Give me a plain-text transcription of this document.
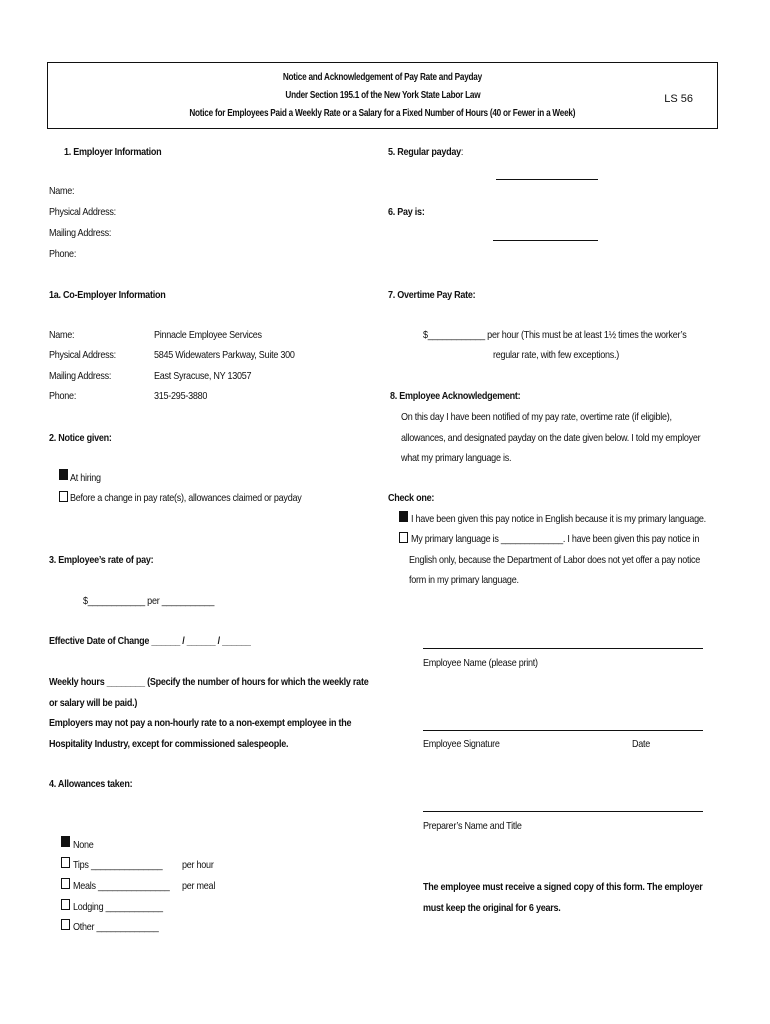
Notice and Acknowledgement of Pay Rate and Payday
Under Section 195.1 of the New York State Labor Law
Notice for Employees Paid a Weekly Rate or a Salary for a Fixed Number of Hours (40 or Fewer in a Week)
LS 56
1. Employer Information
Name:
Physical Address:
Mailing Address:
Phone:
1a. Co-Employer Information
Name:
Physical Address:
Mailing Address:
Phone:
Pinnacle Employee Services
5845 Widewaters Parkway, Suite 300
East Syracuse, NY 13057
315-295-3880
2. Notice given:
At hiring
Before a change in pay rate(s), allowances claimed or payday
3. Employee’s rate of pay:
$____________ per ___________
Effective Date of Change ______ / ______ / ______
Weekly hours ________ (Specify the number of hours for which the weekly rate
or salary will be paid.)
Employers may not pay a non-hourly rate to a non-exempt employee in the
Hospitality Industry, except for commissioned salespeople.
4. Allowances taken:
None
Tips _______________ per hour
Meals _______________ per meal
Lodging ____________
Other _____________
5. Regular payday:
6. Pay is:
7. Overtime Pay Rate:
$____________ per hour (This must be at least 1½ times the worker’s
regular rate, with few exceptions.)
8. Employee Acknowledgement:
On this day I have been notified of my pay rate, overtime rate (if eligible),
allowances, and designated payday on the date given below. I told my employer
what my primary language is.
Check one:
I have been given this pay notice in English because it is my primary language.
My primary language is _____________. I have been given this pay notice in
English only, because the Department of Labor does not yet offer a pay notice
form in my primary language.
Employee Name (please print)
Employee Signature	Date
Preparer’s Name and Title
The employee must receive a signed copy of this form. The employer
must keep the original for 6 years.
